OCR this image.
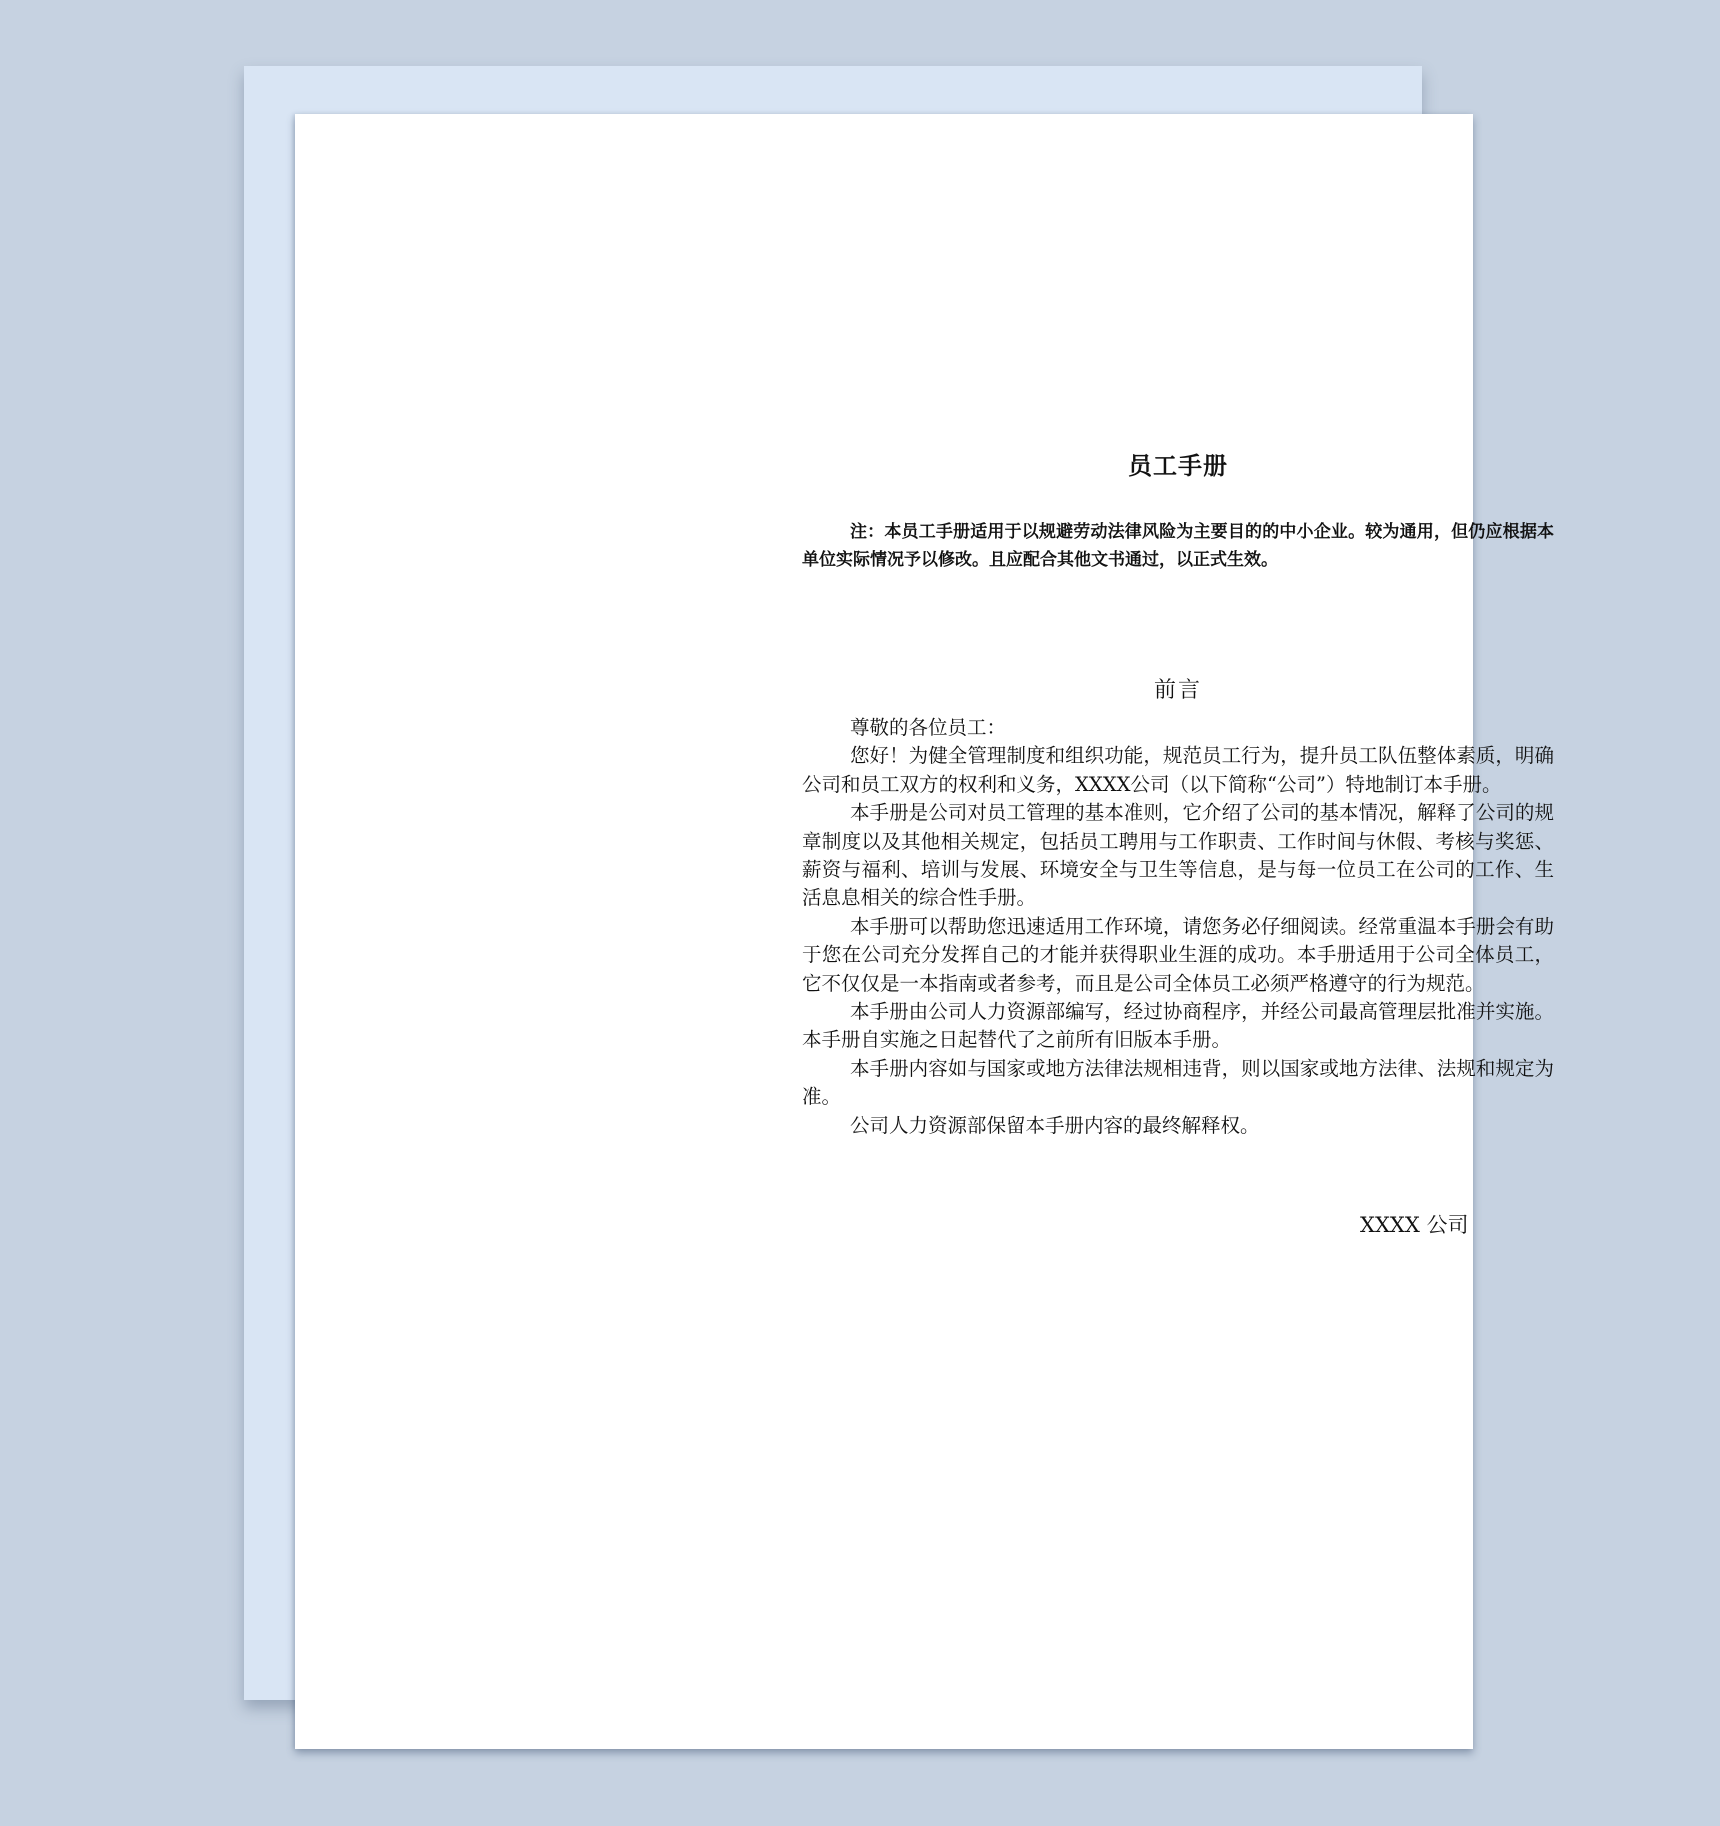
员工手册
注：本员工手册适用于以规避劳动法律风险为主要目的的中小企业。较为通用，但仍应根据本单位实际情况予以修改。且应配合其他文书通过，以正式生效。
前言

尊敬的各位员工：

您好！为健全管理制度和组织功能，规范员工行为，提升员工队伍整体素质，明确公司和员工双方的权利和义务，XXXX公司（以下简称“公司”）特地制订本手册。

本手册是公司对员工管理的基本准则，它介绍了公司的基本情况，解释了公司的规章制度以及其他相关规定，包括员工聘用与工作职责、工作时间与休假、考核与奖惩、薪资与福利、培训与发展、环境安全与卫生等信息，是与每一位员工在公司的工作、生活息息相关的综合性手册。

本手册可以帮助您迅速适用工作环境，请您务必仔细阅读。经常重温本手册会有助于您在公司充分发挥自己的才能并获得职业生涯的成功。本手册适用于公司全体员工，它不仅仅是一本指南或者参考，而且是公司全体员工必须严格遵守的行为规范。

本手册由公司人力资源部编写，经过协商程序，并经公司最高管理层批准并实施。本手册自实施之日起替代了之前所有旧版本手册。

本手册内容如与国家或地方法律法规相违背，则以国家或地方法律、法规和规定为准。

公司人力资源部保留本手册内容的最终解释权。

XXXX 公司
